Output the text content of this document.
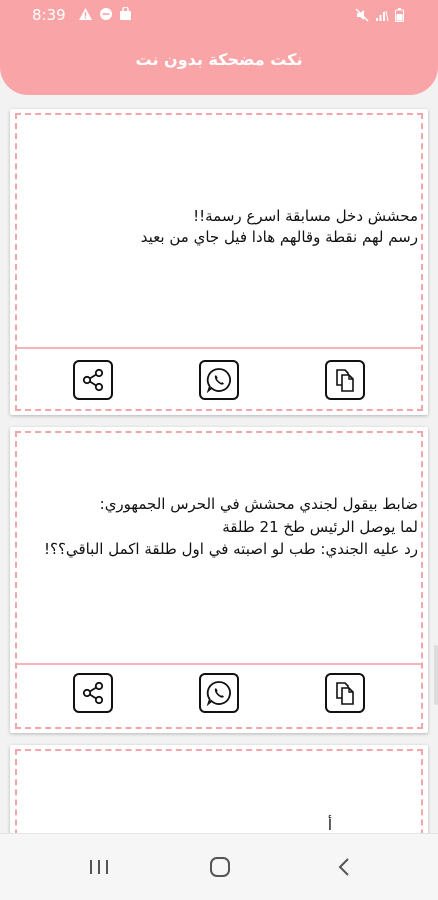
8:39
نكت مضحكة بدون نت
محشش دخل مسابقة اسرع رسمة!!
رسم لهم نقطة وقالهم هادا فيل جاي من بعيد
ضابط بيقول لجندي محشش في الحرس الجمهوري:
لما يوصل الرئيس طخ 21 طلقة
رد عليه الجندي: طب لو اصبته في اول طلقة اكمل الباقي؟؟!
أ
